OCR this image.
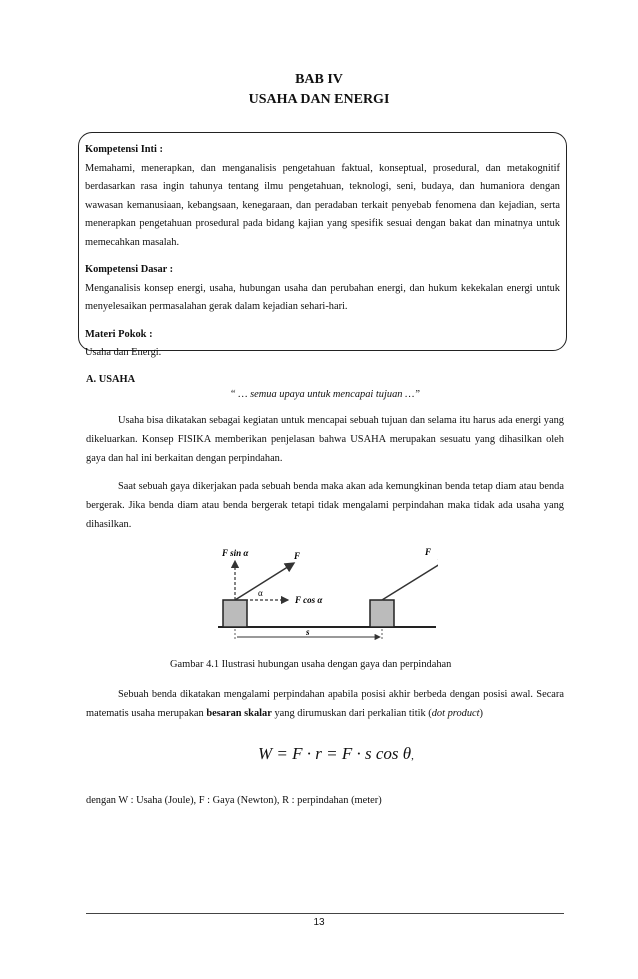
BAB IV
USAHA DAN ENERGI

Kompetensi Inti :

Memahami, menerapkan, dan menganalisis pengetahuan faktual, konseptual, prosedural, dan metakognitif berdasarkan rasa ingin tahunya tentang ilmu pengetahuan, teknologi, seni, budaya, dan humaniora dengan wawasan kemanusiaan, kebangsaan, kenegaraan, dan peradaban terkait penyebab fenomena dan kejadian, serta menerapkan pengetahuan prosedural pada bidang kajian yang spesifik sesuai dengan bakat dan minatnya untuk memecahkan masalah.

Kompetensi Dasar :

Menganalisis konsep energi, usaha, hubungan usaha dan perubahan energi, dan hukum kekekalan energi untuk menyelesaikan permasalahan gerak dalam kejadian sehari-hari.

Materi Pokok :

Usaha dan Energi.

A. USAHA

“ … semua upaya untuk mencapai tujuan …”

Usaha bisa dikatakan sebagai kegiatan untuk mencapai sebuah tujuan dan selama itu harus ada energi yang dikeluarkan. Konsep FISIKA memberikan penjelasan bahwa USAHA merupakan sesuatu yang dihasilkan oleh gaya dan hal ini berkaitan dengan perpindahan.

Saat sebuah gaya dikerjakan pada sebuah benda maka akan ada kemungkinan benda tetap diam atau benda bergerak. Jika benda diam atau benda bergerak tetapi tidak mengalami perpindahan maka tidak ada usaha yang dihasilkan.

F sin α	F
α
F cos α
F
s

Gambar 4.1 Ilustrasi hubungan usaha dengan gaya dan perpindahan

Sebuah benda dikatakan mengalami perpindahan apabila posisi akhir berbeda dengan posisi awal. Secara matematis usaha merupakan besaran skalar yang dirumuskan dari perkalian titik (dot product)

W = F · r = F · s cos θ,

dengan W : Usaha (Joule), F : Gaya (Newton), R : perpindahan (meter)

13
